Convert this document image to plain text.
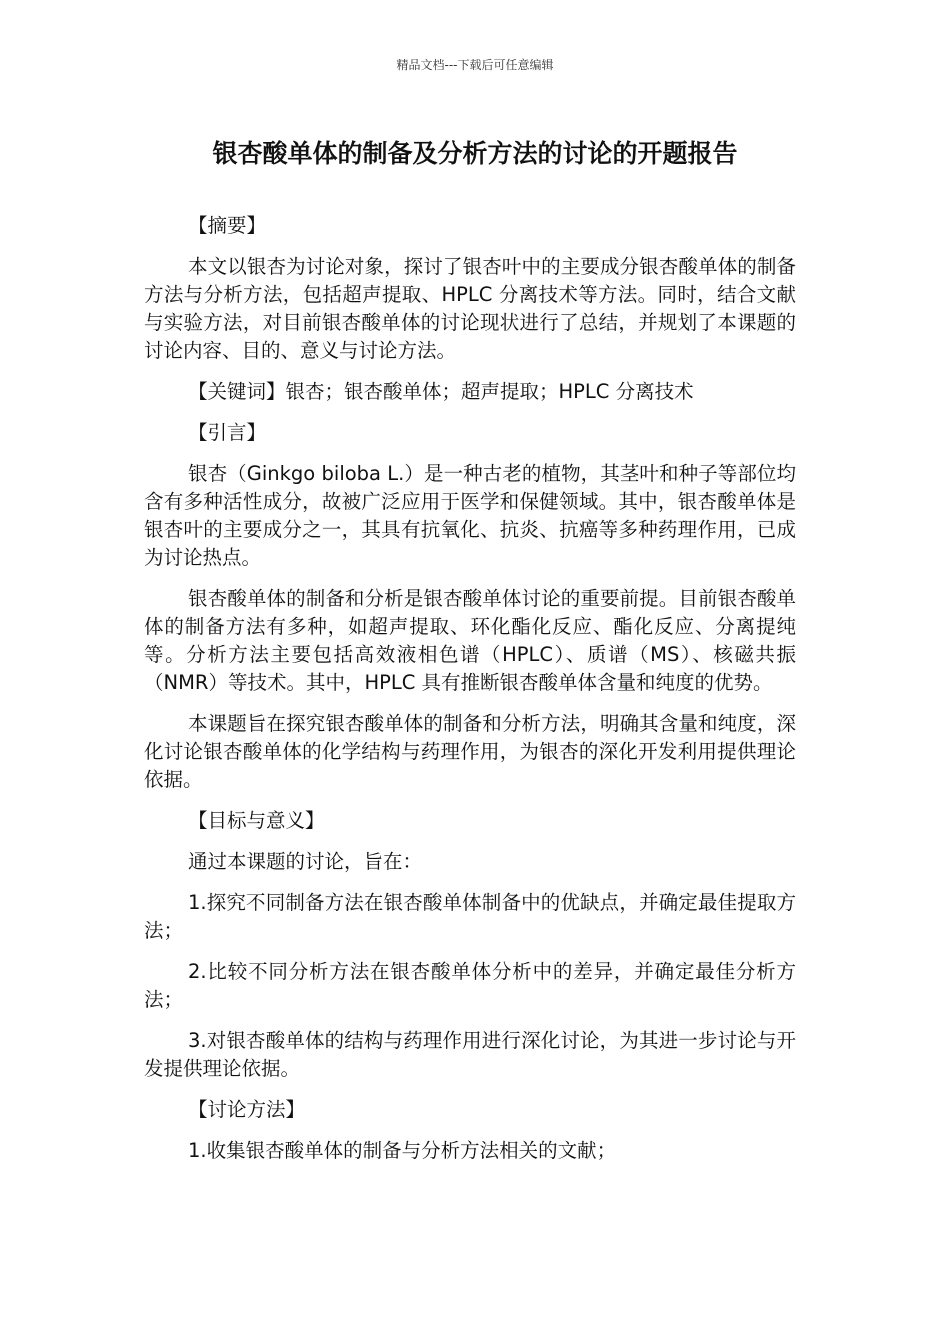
精品文档---下载后可任意编辑
银杏酸单体的制备及分析方法的讨论的开题报告

【摘要】

本文以银杏为讨论对象，探讨了银杏叶中的主要成分银杏酸单体的制备方法与分析方法，包括超声提取、HPLC 分离技术等方法。同时，结合文献与实验方法，对目前银杏酸单体的讨论现状进行了总结，并规划了本课题的讨论内容、目的、意义与讨论方法。

【关键词】银杏；银杏酸单体；超声提取；HPLC 分离技术

【引言】

银杏（Ginkgo biloba L.）是一种古老的植物，其茎叶和种子等部位均含有多种活性成分，故被广泛应用于医学和保健领域。其中，银杏酸单体是银杏叶的主要成分之一，其具有抗氧化、抗炎、抗癌等多种药理作用，已成为讨论热点。

银杏酸单体的制备和分析是银杏酸单体讨论的重要前提。目前银杏酸单体的制备方法有多种，如超声提取、环化酯化反应、酯化反应、分离提纯等。分析方法主要包括高效液相色谱（HPLC）、质谱（MS）、核磁共振（NMR）等技术。其中，HPLC 具有推断银杏酸单体含量和纯度的优势。

本课题旨在探究银杏酸单体的制备和分析方法，明确其含量和纯度，深化讨论银杏酸单体的化学结构与药理作用，为银杏的深化开发利用提供理论依据。

【目标与意义】

通过本课题的讨论，旨在：

1.探究不同制备方法在银杏酸单体制备中的优缺点，并确定最佳提取方法；

2.比较不同分析方法在银杏酸单体分析中的差异，并确定最佳分析方法；

3.对银杏酸单体的结构与药理作用进行深化讨论，为其进一步讨论与开发提供理论依据。

【讨论方法】

1.收集银杏酸单体的制备与分析方法相关的文献；
